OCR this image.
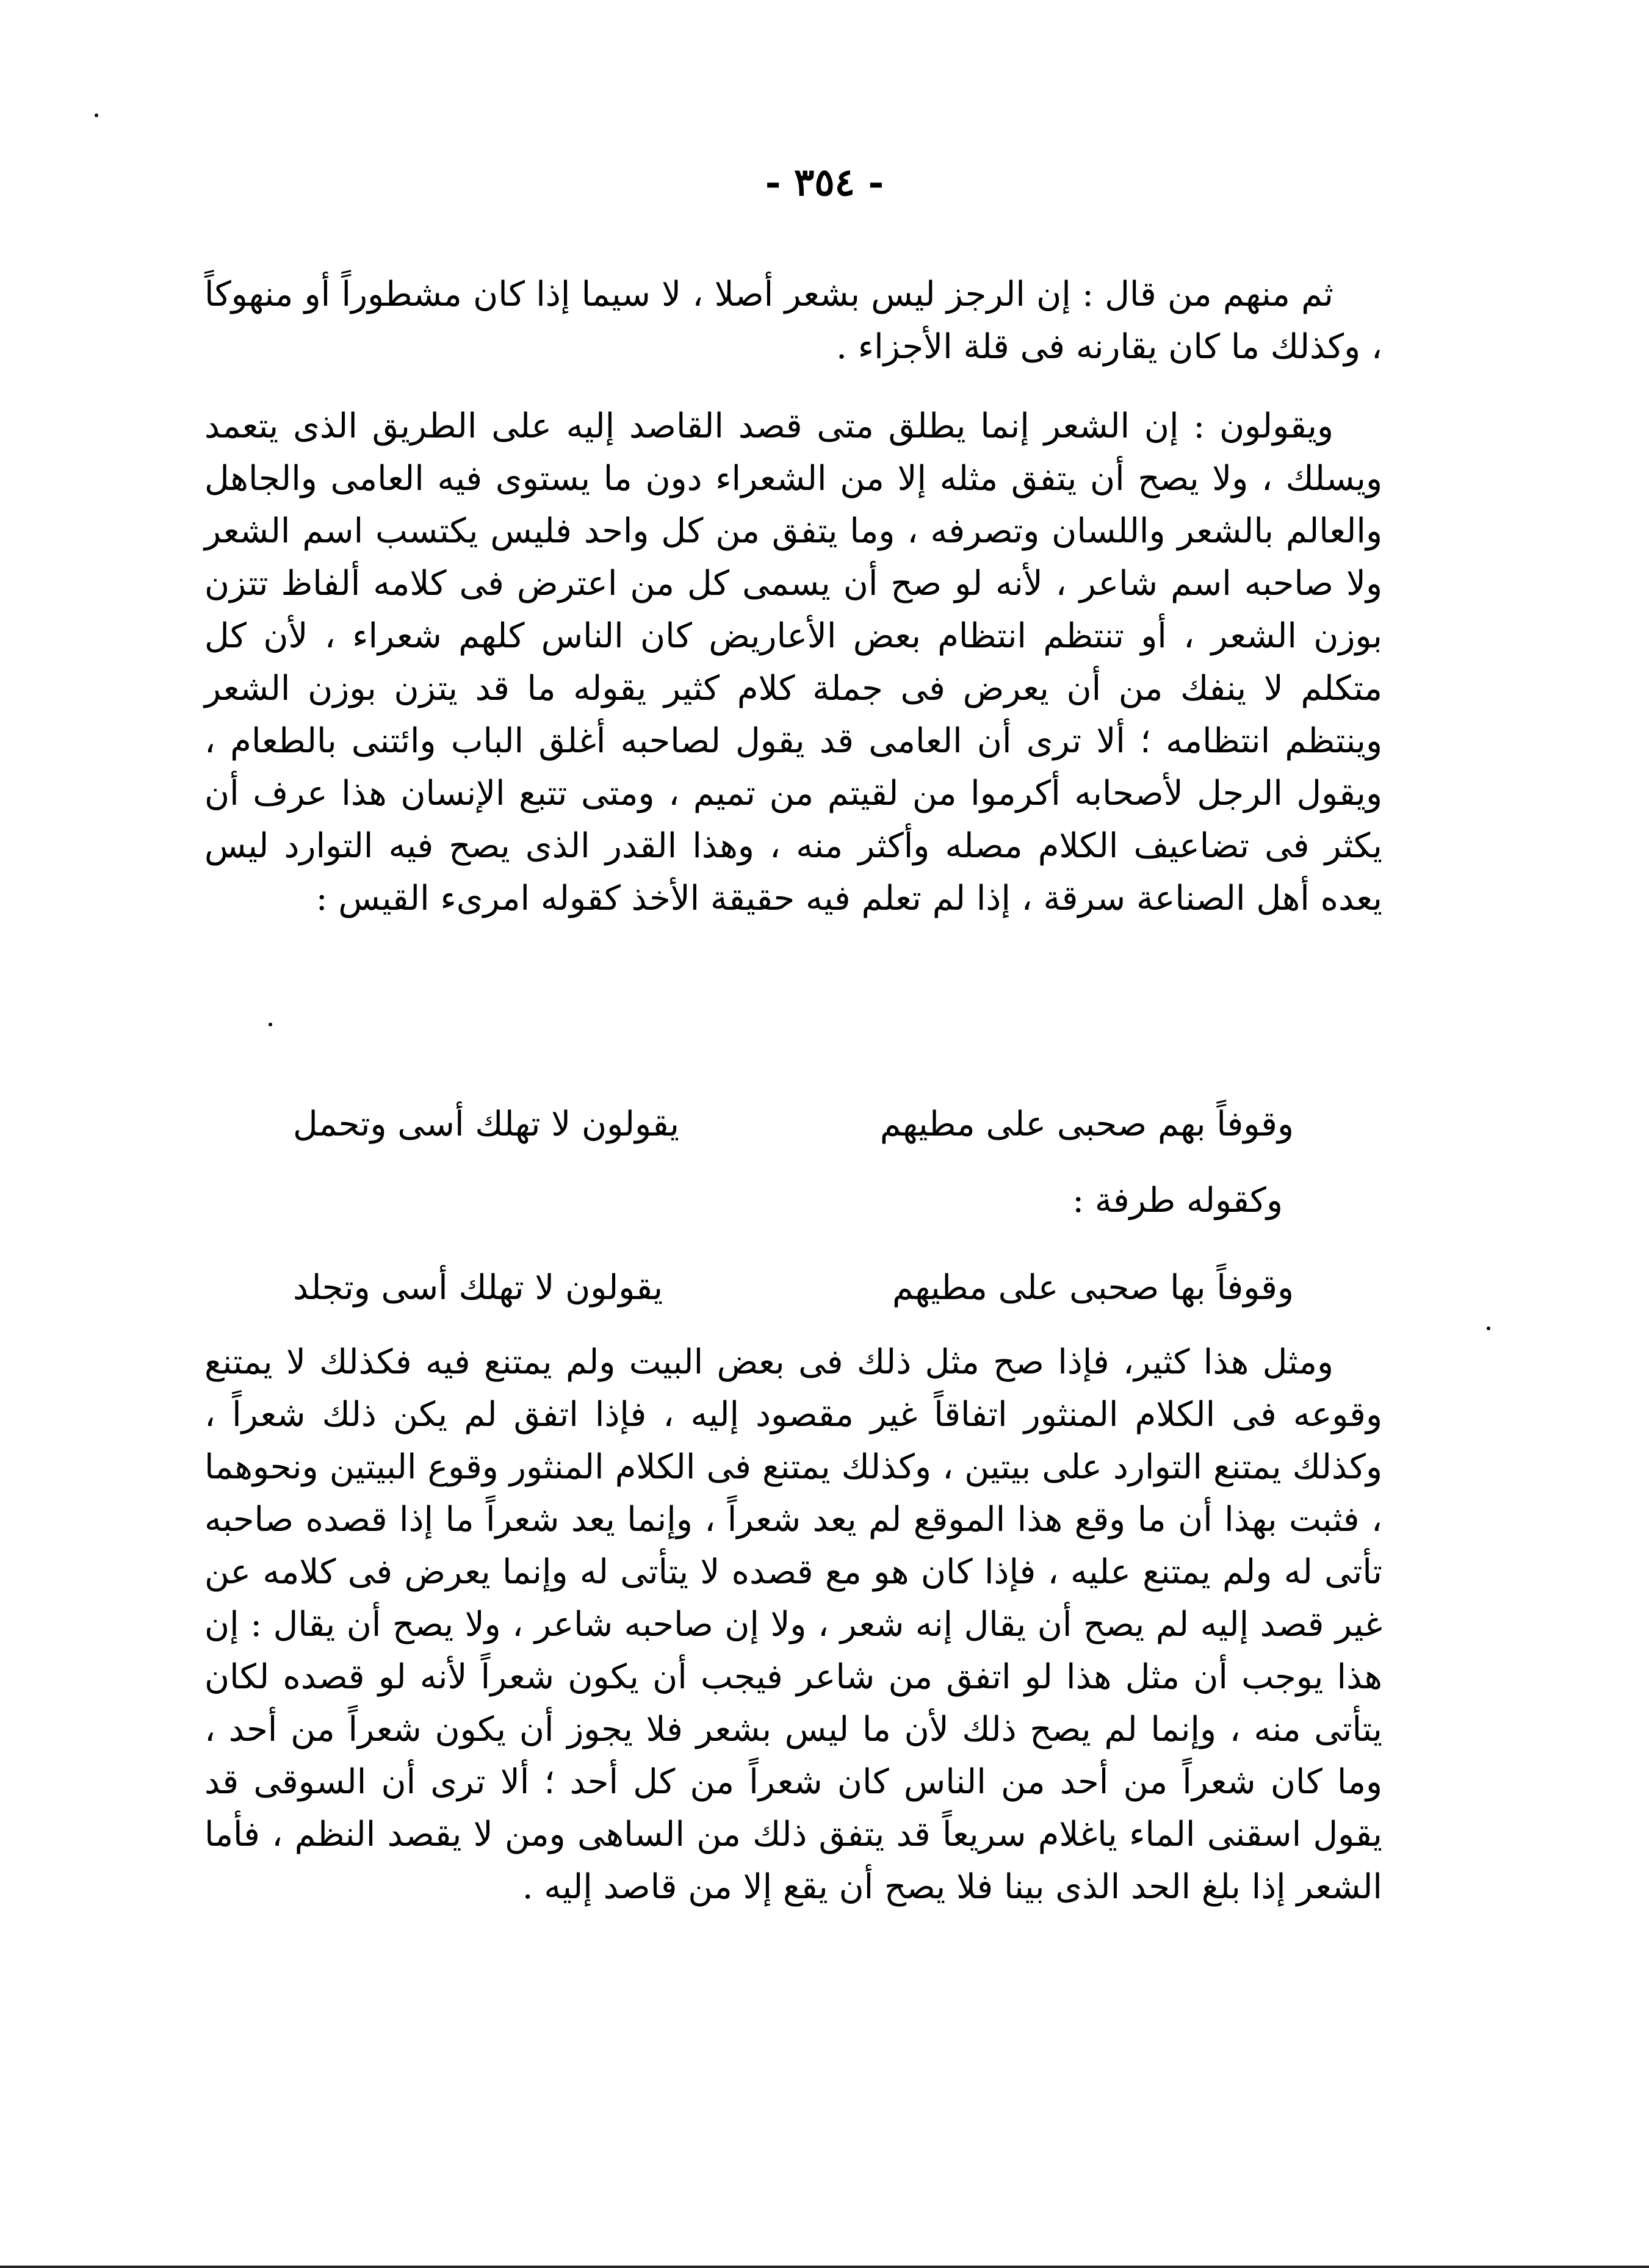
- ٣٥٤ -

ثم منهم من قال : إن الرجز ليس بشعر أصلا ، لا سيما إذا كان مشطوراً أو منهوكاً ، وكذلك ما كان يقارنه فى قلة الأجزاء .

ويقولون : إن الشعر إنما يطلق متى قصد القاصد إليه على الطريق الذى يتعمد ويسلك ، ولا يصح أن يتفق مثله إلا من الشعراء دون ما يستوى فيه العامى والجاهل والعالم بالشعر واللسان وتصرفه ، وما يتفق من كل واحد فليس يكتسب اسم الشعر ولا صاحبه اسم شاعر ، لأنه لو صح أن يسمى كل من اعترض فى كلامه ألفاظ تتزن بوزن الشعر ، أو تنتظم انتظام بعض الأعاريض كان الناس كلهم شعراء ، لأن كل متكلم لا ينفك من أن يعرض فى جملة كلام كثير يقوله ما قد يتزن بوزن الشعر وينتظم انتظامه ؛ ألا ترى أن العامى قد يقول لصاحبه أغلق الباب وائتنى بالطعام ، ويقول الرجل لأصحابه أكرموا من لقيتم من تميم ، ومتى تتبع الإنسان هذا عرف أن يكثر فى تضاعيف الكلام مصله وأكثر منه ، وهذا القدر الذى يصح فيه التوارد ليس يعده أهل الصناعة سرقة ، إذا لم تعلم فيه حقيقة الأخذ كقوله امرىء القيس :

وقوفاً بهم صحبى على مطيهم
يقولون لا تهلك أسى وتحمل
وكقوله طرفة :
وقوفاً بها صحبى على مطيهم
يقولون لا تهلك أسى وتجلد

ومثل هذا كثير، فإذا صح مثل ذلك فى بعض البيت ولم يمتنع فيه فكذلك لا يمتنع وقوعه فى الكلام المنثور اتفاقاً غير مقصود إليه ، فإذا اتفق لم يكن ذلك شعراً ، وكذلك يمتنع التوارد على بيتين ، وكذلك يمتنع فى الكلام المنثور وقوع البيتين ونحوهما ، فثبت بهذا أن ما وقع هذا الموقع لم يعد شعراً ، وإنما يعد شعراً ما إذا قصده صاحبه تأتى له ولم يمتنع عليه ، فإذا كان هو مع قصده لا يتأتى له وإنما يعرض فى كلامه عن غير قصد إليه لم يصح أن يقال إنه شعر ، ولا إن صاحبه شاعر ، ولا يصح أن يقال : إن هذا يوجب أن مثل هذا لو اتفق من شاعر فيجب أن يكون شعراً لأنه لو قصده لكان يتأتى منه ، وإنما لم يصح ذلك لأن ما ليس بشعر فلا يجوز أن يكون شعراً من أحد ، وما كان شعراً من أحد من الناس كان شعراً من كل أحد ؛ ألا ترى أن السوقى قد يقول اسقنى الماء ياغلام سريعاً قد يتفق ذلك من الساهى ومن لا يقصد النظم ، فأما الشعر إذا بلغ الحد الذى بينا فلا يصح أن يقع إلا من قاصد إليه .
